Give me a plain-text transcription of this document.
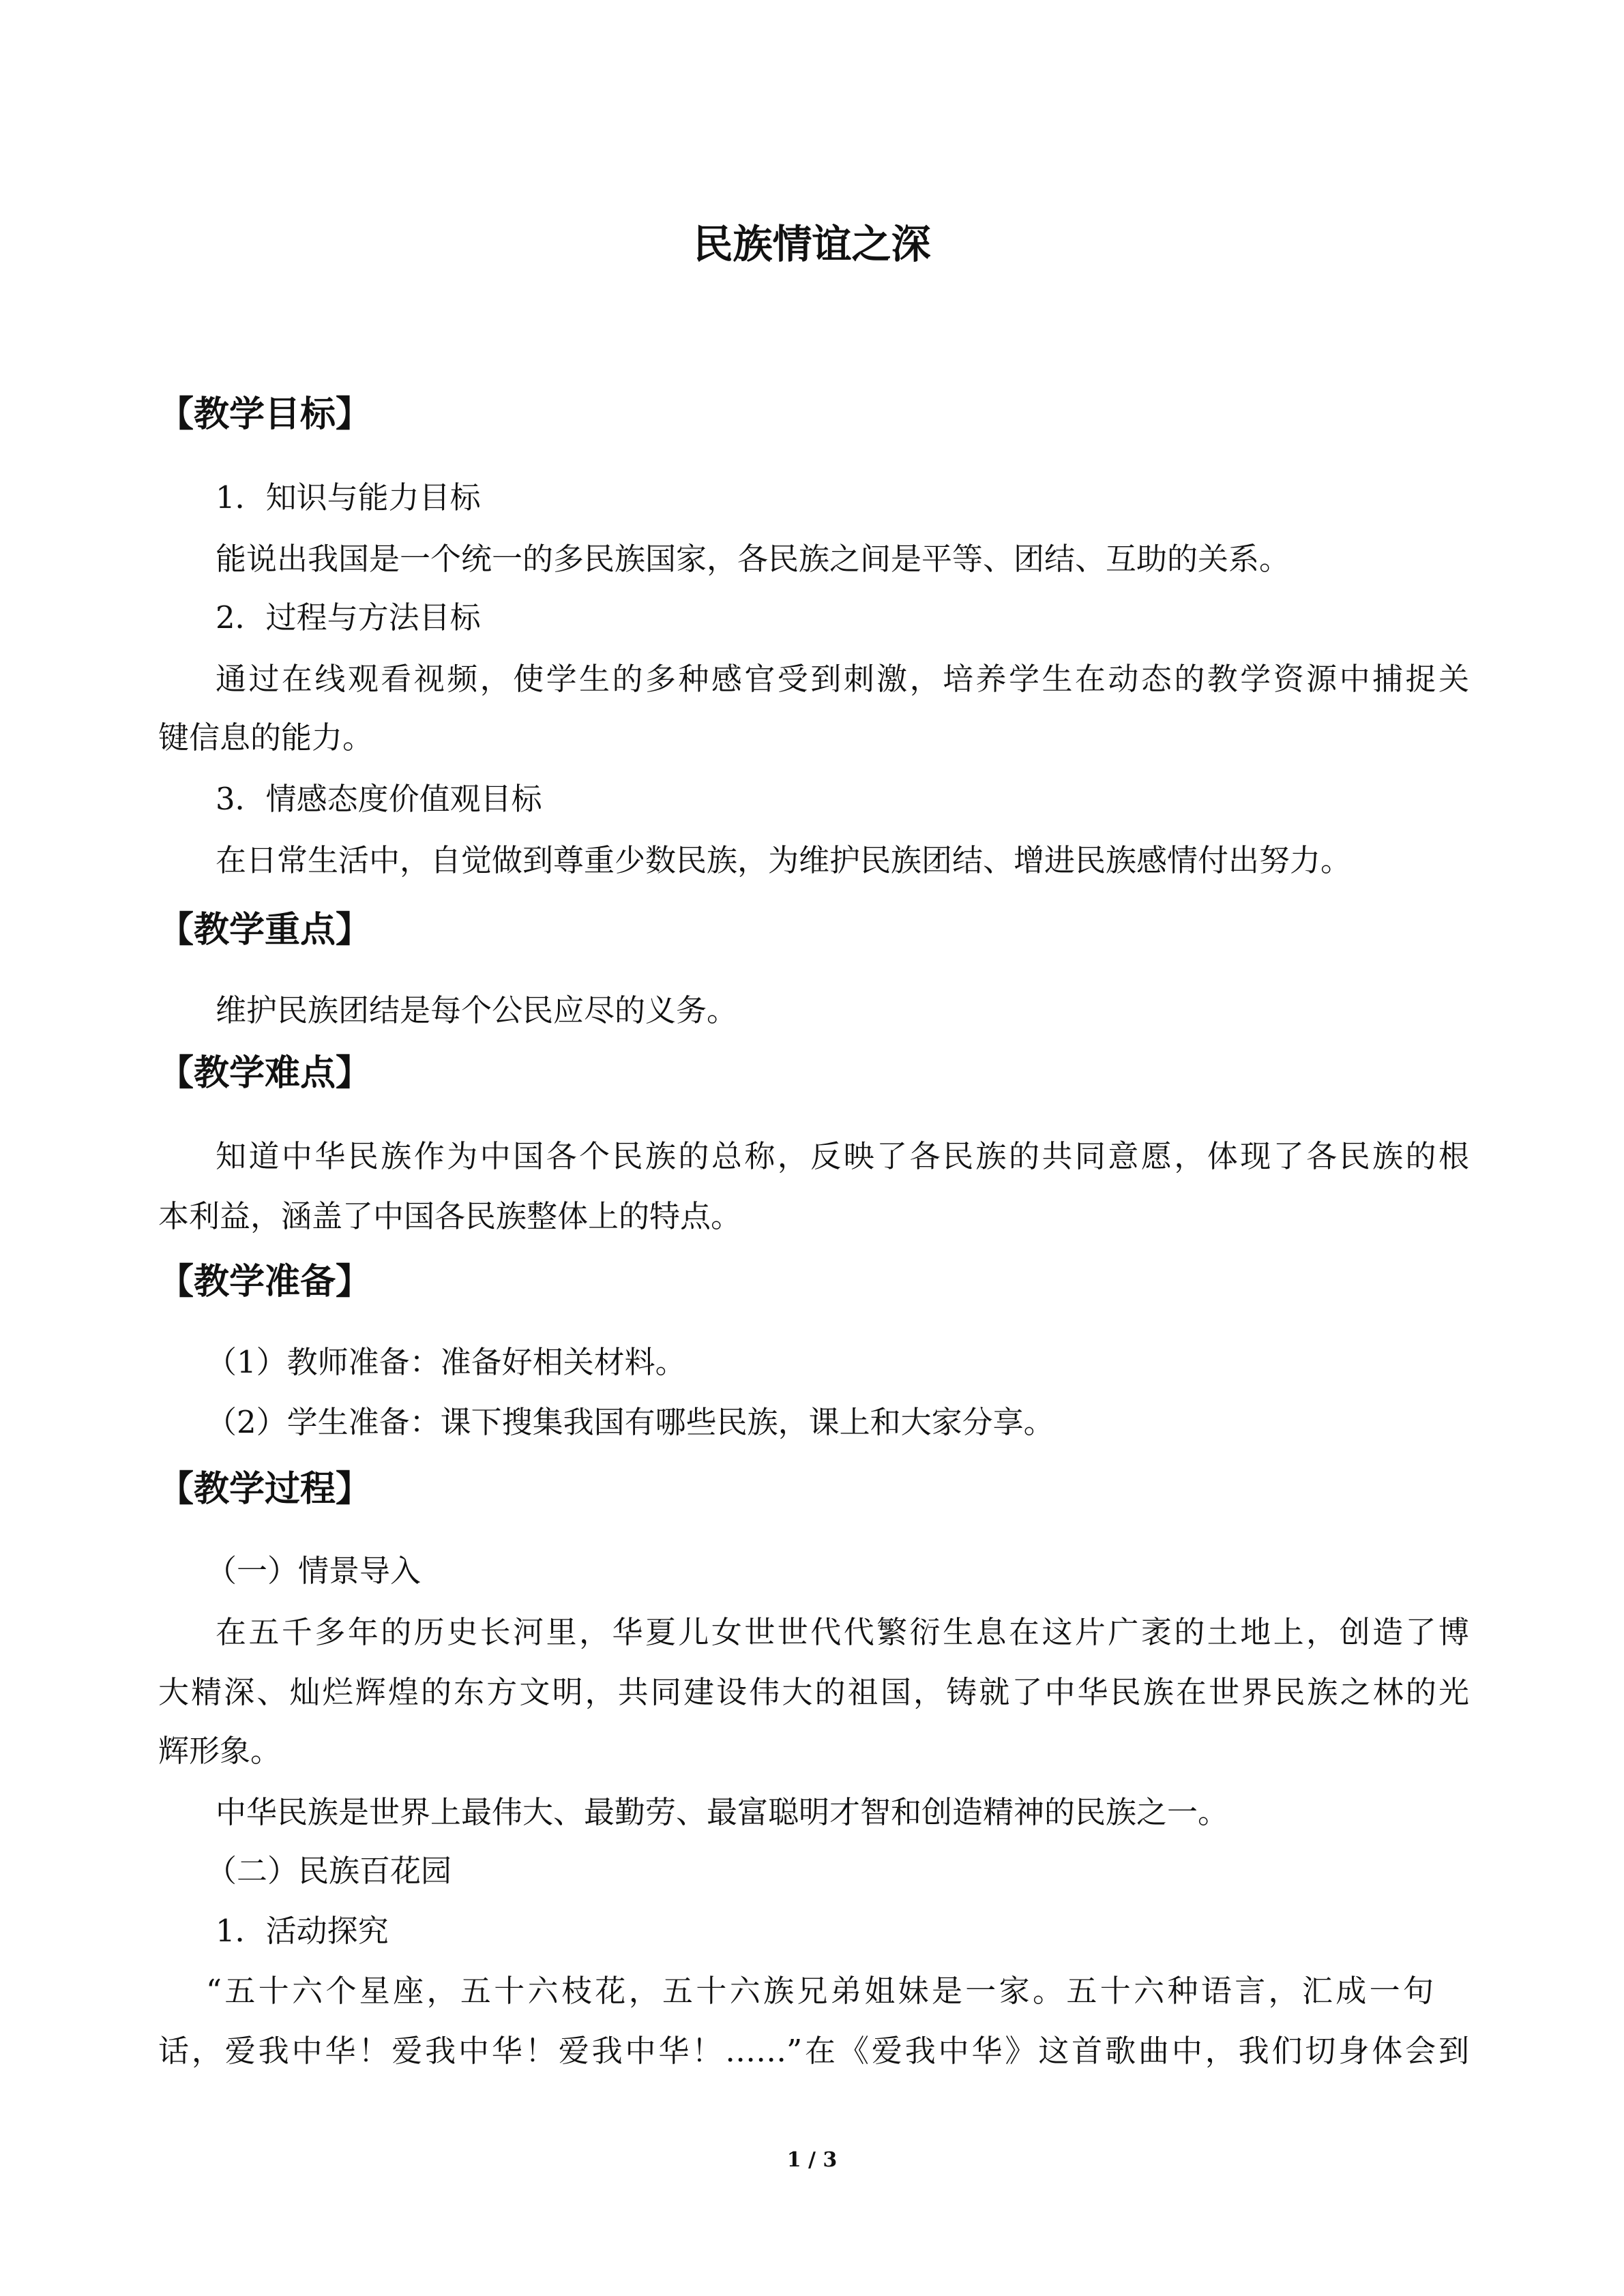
民族情谊之深
【教学目标】
1．知识与能力目标
能说出我国是一个统一的多民族国家，各民族之间是平等、团结、互助的关系。
2．过程与方法目标
通过在线观看视频，使学生的多种感官受到刺激，培养学生在动态的教学资源中捕捉关
键信息的能力。
3．情感态度价值观目标
在日常生活中，自觉做到尊重少数民族，为维护民族团结、增进民族感情付出努力。
【教学重点】
维护民族团结是每个公民应尽的义务。
【教学难点】
知道中华民族作为中国各个民族的总称，反映了各民族的共同意愿，体现了各民族的根
本利益，涵盖了中国各民族整体上的特点。
【教学准备】
（1）教师准备：准备好相关材料。
（2）学生准备：课下搜集我国有哪些民族，课上和大家分享。
【教学过程】
（一）情景导入
在五千多年的历史长河里，华夏儿女世世代代繁衍生息在这片广袤的土地上，创造了博
大精深、灿烂辉煌的东方文明，共同建设伟大的祖国，铸就了中华民族在世界民族之林的光
辉形象。
中华民族是世界上最伟大、最勤劳、最富聪明才智和创造精神的民族之一。
（二）民族百花园
1．活动探究
“五十六个星座，五十六枝花，五十六族兄弟姐妹是一家。五十六种语言，汇成一句
话，爱我中华！爱我中华！爱我中华！……”在《爱我中华》这首歌曲中，我们切身体会到
1 / 3
